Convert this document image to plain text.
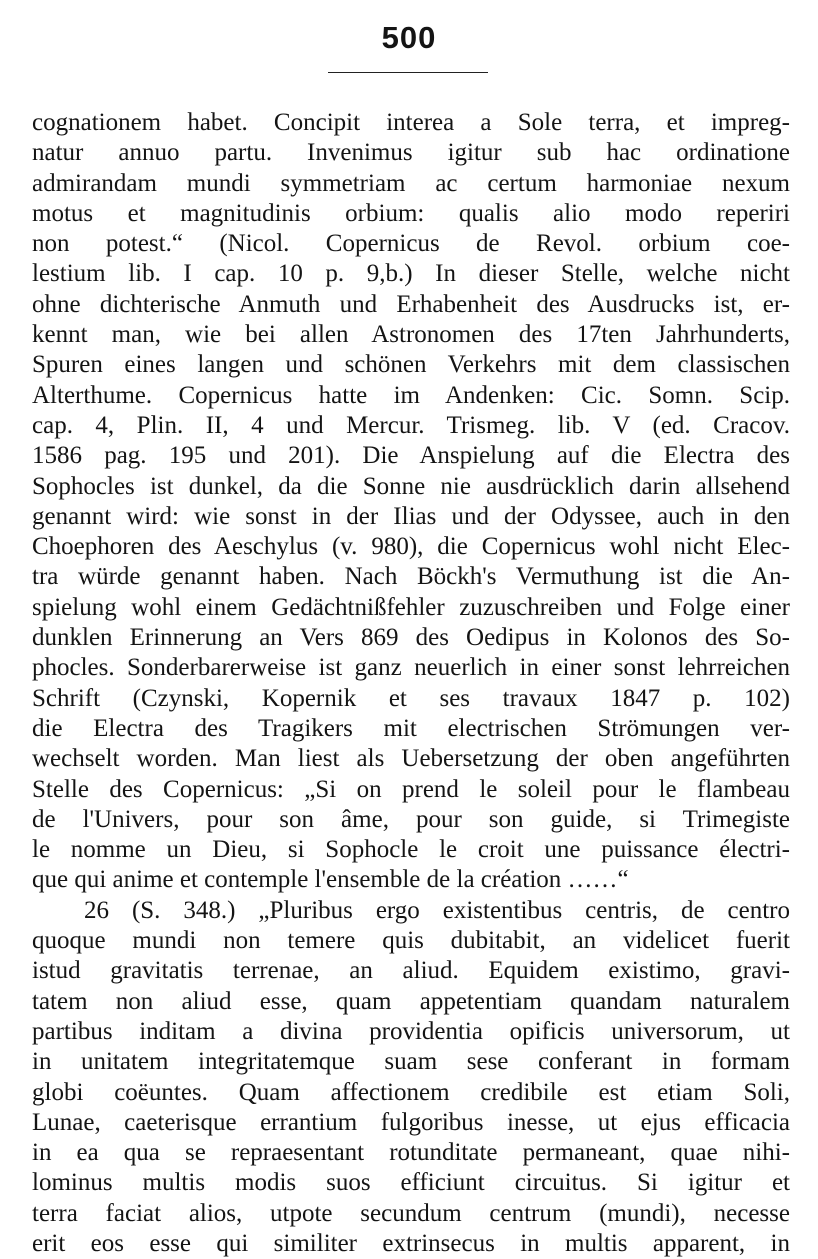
500
cognationem habet. Concipit interea a Sole terra, et impreg-
natur annuo partu. Invenimus igitur sub hac ordinatione
admirandam mundi symmetriam ac certum harmoniae nexum
motus et magnitudinis orbium: qualis alio modo reperiri
non potest.“ (Nicol. Copernicus de Revol. orbium coe-
lestium lib. I cap. 10 p. 9,b.) In dieser Stelle, welche nicht
ohne dichterische Anmuth und Erhabenheit des Ausdrucks ist, er-
kennt man, wie bei allen Astronomen des 17ten Jahrhunderts,
Spuren eines langen und schönen Verkehrs mit dem classischen
Alterthume. Copernicus hatte im Andenken: Cic. Somn. Scip.
cap. 4, Plin. II, 4 und Mercur. Trismeg. lib. V (ed. Cracov.
1586 pag. 195 und 201). Die Anspielung auf die Electra des
Sophocles ist dunkel, da die Sonne nie ausdrücklich darin allsehend
genannt wird: wie sonst in der Ilias und der Odyssee, auch in den
Choephoren des Aeschylus (v. 980), die Copernicus wohl nicht Elec-
tra würde genannt haben. Nach Böckh's Vermuthung ist die An-
spielung wohl einem Gedächtnißfehler zuzuschreiben und Folge einer
dunklen Erinnerung an Vers 869 des Oedipus in Kolonos des So-
phocles. Sonderbarerweise ist ganz neuerlich in einer sonst lehrreichen
Schrift (Czynski, Kopernik et ses travaux 1847 p. 102)
die Electra des Tragikers mit electrischen Strömungen ver-
wechselt worden. Man liest als Uebersetzung der oben angeführten
Stelle des Copernicus: „Si on prend le soleil pour le flambeau
de l'Univers, pour son âme, pour son guide, si Trimegiste
le nomme un Dieu, si Sophocle le croit une puissance électri-
que qui anime et contemple l'ensemble de la création ……“
26 (S. 348.) „Pluribus ergo existentibus centris, de centro
quoque mundi non temere quis dubitabit, an videlicet fuerit
istud gravitatis terrenae, an aliud. Equidem existimo, gravi-
tatem non aliud esse, quam appetentiam quandam naturalem
partibus inditam a divina providentia opificis universorum, ut
in unitatem integritatemque suam sese conferant in formam
globi coëuntes. Quam affectionem credibile est etiam Soli,
Lunae, caeterisque errantium fulgoribus inesse, ut ejus efficacia
in ea qua se repraesentant rotunditate permaneant, quae nihi-
lominus multis modis suos efficiunt circuitus. Si igitur et
terra faciat alios, utpote secundum centrum (mundi), necesse
erit eos esse qui similiter extrinsecus in multis apparent, in
